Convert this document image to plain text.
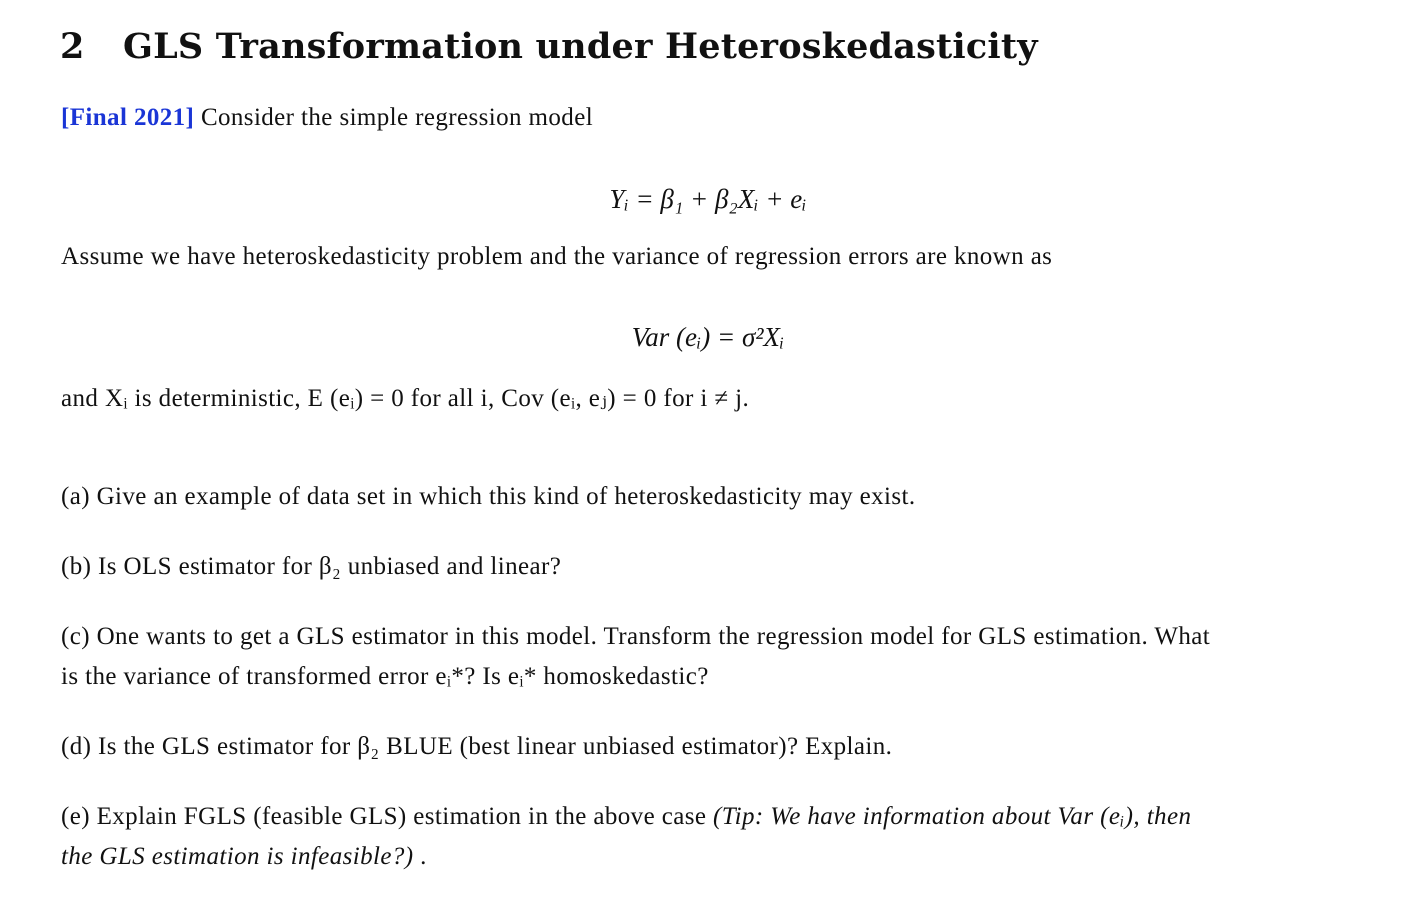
2 GLS Transformation under Heteroskedasticity
[Final 2021] Consider the simple regression model
Yᵢ = β₁ + β₂Xᵢ + eᵢ
Assume we have heteroskedasticity problem and the variance of regression errors are known as
Var (eᵢ) = σ²Xᵢ
and Xᵢ is deterministic, E (eᵢ) = 0 for all i, Cov (eᵢ, eⱼ) = 0 for i ≠ j.
(a) Give an example of data set in which this kind of heteroskedasticity may exist.
(b) Is OLS estimator for β₂ unbiased and linear?
(c) One wants to get a GLS estimator in this model. Transform the regression model for GLS estimation. What
is the variance of transformed error eᵢ*? Is eᵢ* homoskedastic?
(d) Is the GLS estimator for β₂ BLUE (best linear unbiased estimator)? Explain.
(e) Explain FGLS (feasible GLS) estimation in the above case (Tip: We have information about Var (eᵢ), then
the GLS estimation is infeasible?) .
